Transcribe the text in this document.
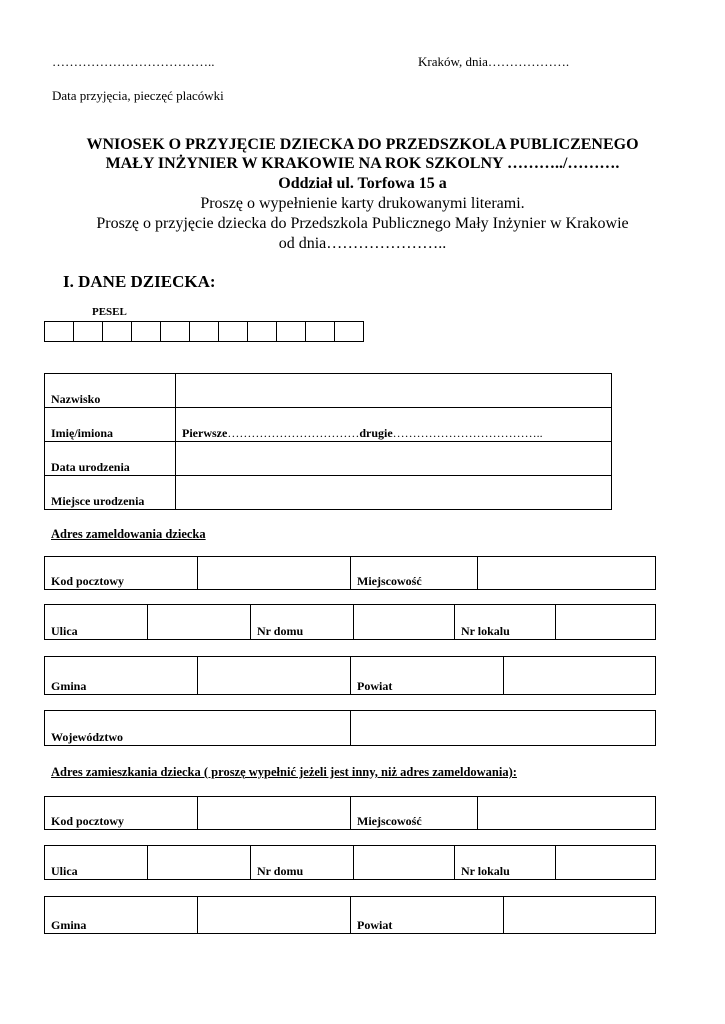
………………………………..	Kraków, dnia……………….
Data przyjęcia, pieczęć placówki
WNIOSEK O PRZYJĘCIE DZIECKA DO PRZEDSZKOLA PUBLICZENEGO
MAŁY INŻYNIER W KRAKOWIE NA ROK SZKOLNY ………../……….
Oddział ul. Torfowa 15 a
Proszę o wypełnienie karty drukowanymi literami.
Proszę o przyjęcie dziecka do Przedszkola Publicznego Mały Inżynier w Krakowie
od dnia…………………..
I. DANE DZIECKA:
PESEL

Nazwisko	
Imię/imiona	Pierwsze……………………………drugie………………………………..
Data urodzenia	
Miejsce urodzenia	
Adres zameldowania dziecka
Kod pocztowy		Miejscowość	
Ulica		Nr domu		Nr lokalu	
Gmina		Powiat	
Województwo	
Adres zamieszkania dziecka ( proszę wypełnić jeżeli jest inny, niż adres zameldowania):
Kod pocztowy		Miejscowość	
Ulica		Nr domu		Nr lokalu	
Gmina		Powiat	
